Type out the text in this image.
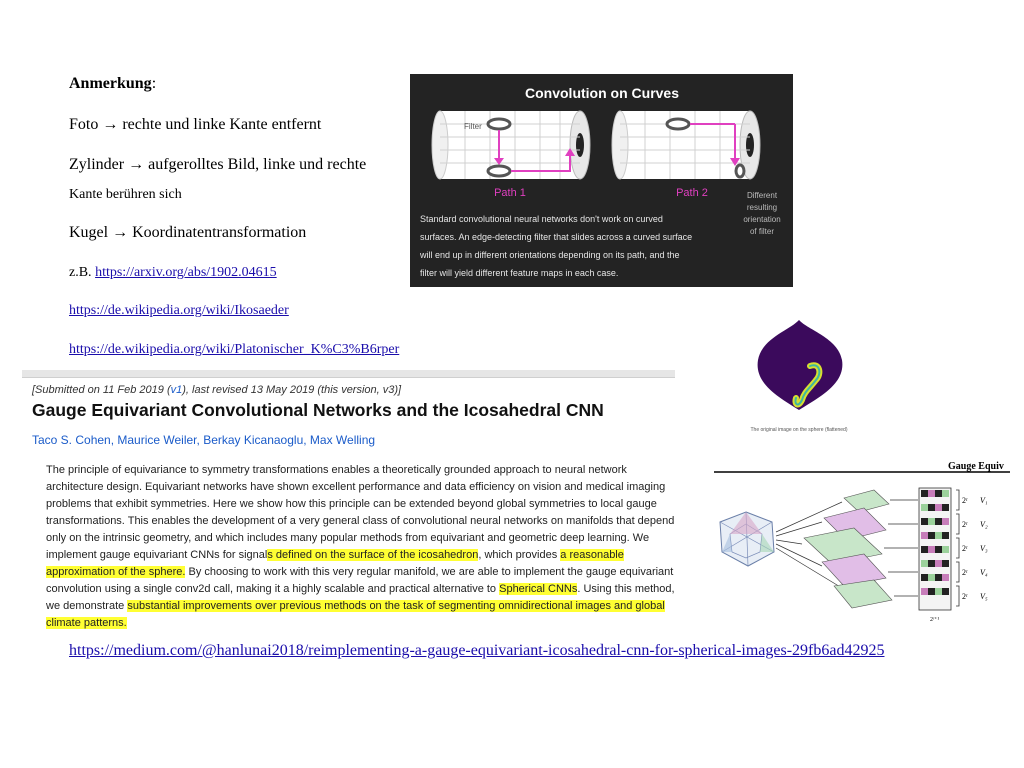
Anmerkung:
Foto → rechte und linke Kante entfernt
Zylinder → aufgerolltes Bild, linke und rechte
Kante berühren sich
Kugel → Koordinatentransformation
z.B. https://arxiv.org/abs/1902.04615
https://de.wikipedia.org/wiki/Ikosaeder
https://de.wikipedia.org/wiki/Platonischer_K%C3%B6rper
Convolution on Curves
Filter
Path 1	Path 2	Different
resulting
orientation
of filter
Standard convolutional neural networks don't work on curved
surfaces. An edge-detecting filter that slides across a curved surface
will end up in different orientations depending on its path, and the
filter will yield different feature maps in each case.
The original image on the sphere (flattened)
[Submitted on 11 Feb 2019 (v1), last revised 13 May 2019 (this version, v3)]
Gauge Equivariant Convolutional Networks and the Icosahedral CNN
Taco S. Cohen, Maurice Weiler, Berkay Kicanaoglu, Max Welling
The principle of equivariance to symmetry transformations enables a theoretically grounded approach to neural network
architecture design. Equivariant networks have shown excellent performance and data efficiency on vision and medical imaging
problems that exhibit symmetries. Here we show how this principle can be extended beyond global symmetries to local gauge
transformations. This enables the development of a very general class of convolutional neural networks on manifolds that depend
only on the intrinsic geometry, and which includes many popular methods from equivariant and geometric deep learning. We
implement gauge equivariant CNNs for signals defined on the surface of the icosahedron, which provides a reasonable
approximation of the sphere. By choosing to work with this very regular manifold, we are able to implement the gauge equivariant
convolution using a single conv2d call, making it a highly scalable and practical alternative to Spherical CNNs. Using this method,
we demonstrate substantial improvements over previous methods on the task of segmenting omnidirectional images and global
climate patterns.
Gauge Equiv
2ʳ V₁
2ʳ V₂
2ʳ V₃
2ʳ V₄
2ʳ V₅
2ʳ⁺¹
https://medium.com/@hanlunai2018/reimplementing-a-gauge-equivariant-icosahedral-cnn-for-spherical-images-29fb6ad42925
